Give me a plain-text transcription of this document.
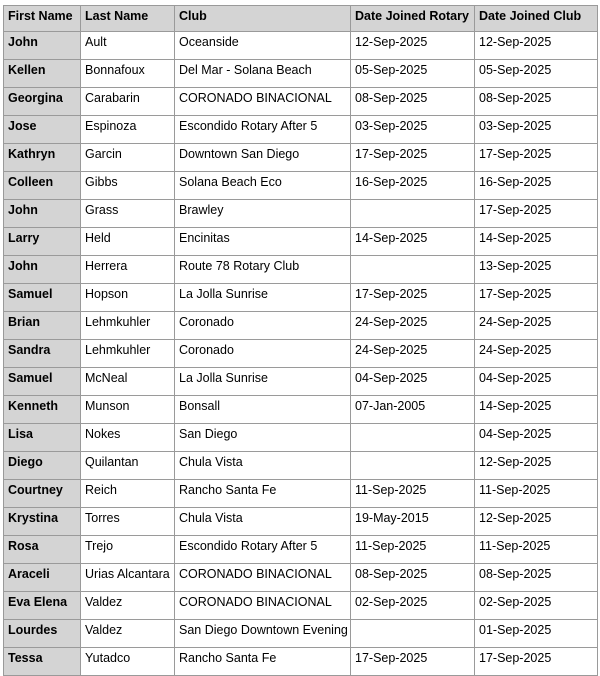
First Name	Last Name	Club	Date Joined Rotary	Date Joined Club
John	Ault	Oceanside	12-Sep-2025	12-Sep-2025
Kellen	Bonnafoux	Del Mar - Solana Beach	05-Sep-2025	05-Sep-2025
Georgina	Carabarin	CORONADO BINACIONAL	08-Sep-2025	08-Sep-2025
Jose	Espinoza	Escondido Rotary After 5	03-Sep-2025	03-Sep-2025
Kathryn	Garcin	Downtown San Diego	17-Sep-2025	17-Sep-2025
Colleen	Gibbs	Solana Beach Eco	16-Sep-2025	16-Sep-2025
John	Grass	Brawley		17-Sep-2025
Larry	Held	Encinitas	14-Sep-2025	14-Sep-2025
John	Herrera	Route 78 Rotary Club		13-Sep-2025
Samuel	Hopson	La Jolla Sunrise	17-Sep-2025	17-Sep-2025
Brian	Lehmkuhler	Coronado	24-Sep-2025	24-Sep-2025
Sandra	Lehmkuhler	Coronado	24-Sep-2025	24-Sep-2025
Samuel	McNeal	La Jolla Sunrise	04-Sep-2025	04-Sep-2025
Kenneth	Munson	Bonsall	07-Jan-2005	14-Sep-2025
Lisa	Nokes	San Diego		04-Sep-2025
Diego	Quilantan	Chula Vista		12-Sep-2025
Courtney	Reich	Rancho Santa Fe	11-Sep-2025	11-Sep-2025
Krystina	Torres	Chula Vista	19-May-2015	12-Sep-2025
Rosa	Trejo	Escondido Rotary After 5	11-Sep-2025	11-Sep-2025
Araceli	Urias Alcantara	CORONADO BINACIONAL	08-Sep-2025	08-Sep-2025
Eva Elena	Valdez	CORONADO BINACIONAL	02-Sep-2025	02-Sep-2025
Lourdes	Valdez	San Diego Downtown Evening		01-Sep-2025
Tessa	Yutadco	Rancho Santa Fe	17-Sep-2025	17-Sep-2025
